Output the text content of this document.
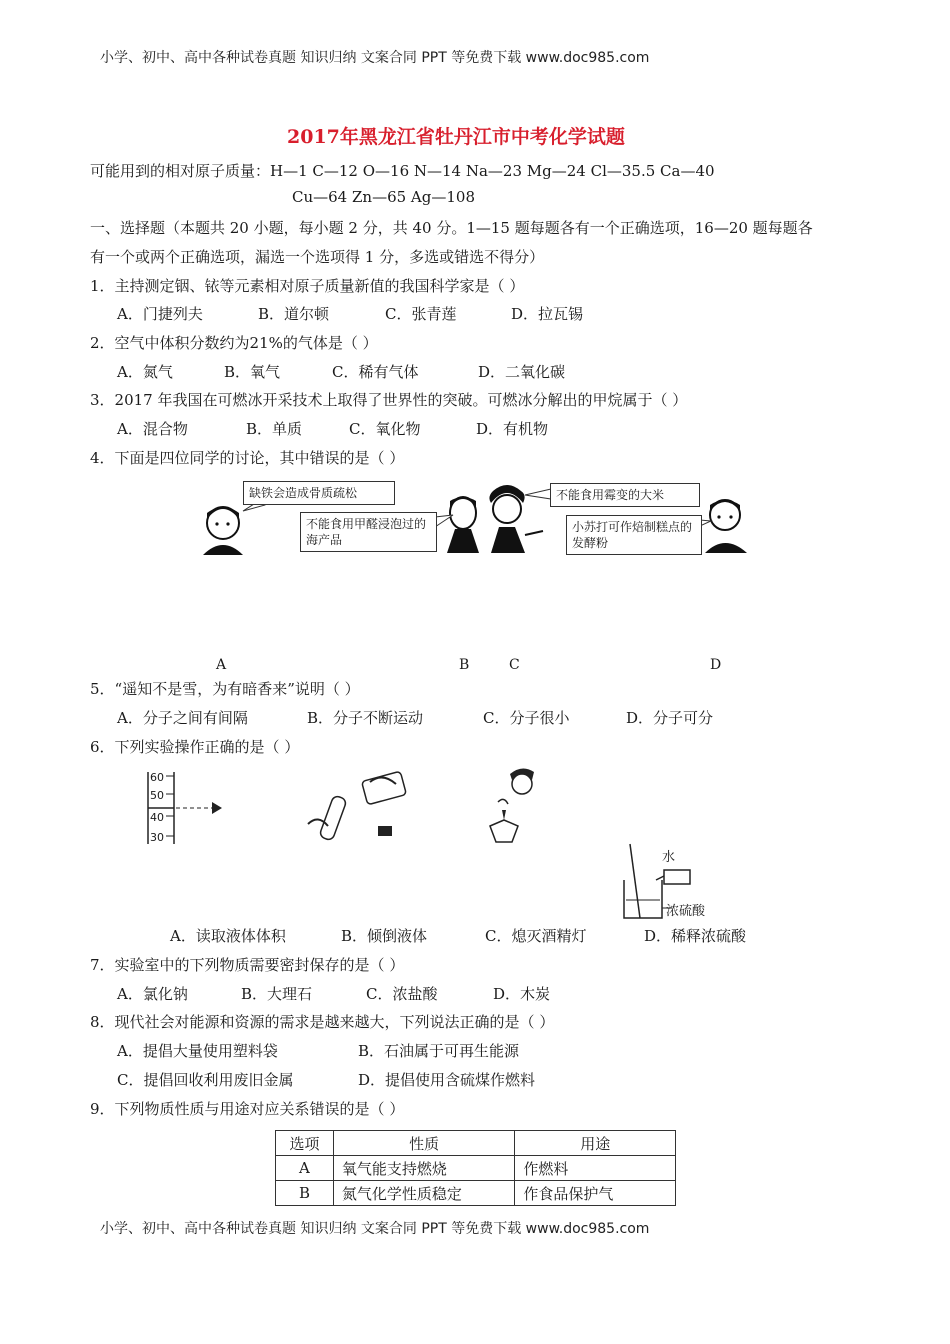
小学、初中、高中各种试卷真题 知识归纳 文案合同 PPT 等免费下载 www.doc985.com
2017年黑龙江省牡丹江市中考化学试题
可能用到的相对原子质量：H—1 C—12 O—16 N—14 Na—23 Mg—24 Cl—35.5 Ca—40
Cu—64 Zn—65 Ag—108
一、选择题（本题共 20 小题，每小题 2 分，共 40 分。1—15 题每题各有一个正确选项，16—20 题每题各
有一个或两个正确选项，漏选一个选项得 1 分，多选或错选不得分）
1．主持测定铟、铱等元素相对原子质量新值的我国科学家是（ ）
A．门捷列夫	B．道尔顿	C．张青莲	D．拉瓦锡
2．空气中体积分数约为21%的气体是（ ）
A．氮气	B．氧气	C．稀有气体	D．二氧化碳
3．2017 年我国在可燃冰开采技术上取得了世界性的突破。可燃冰分解出的甲烷属于（ ）
A．混合物	B．单质	C．氧化物	D．有机物
4．下面是四位同学的讨论，其中错误的是（ ）
缺铁会造成骨质疏松
不能食用甲醛浸泡过的海产品
不能食用霉变的大米
小苏打可作焙制糕点的发酵粉
A	B	C	D
5．“遥知不是雪，为有暗香来”说明（ ）
A．分子之间有间隔	B．分子不断运动	C．分子很小	D．分子可分
6．下列实验操作正确的是（ ）
60
50
40
30
水
浓硫酸
A．读取液体体积	B．倾倒液体	C．熄灭酒精灯	D．稀释浓硫酸
7．实验室中的下列物质需要密封保存的是（ ）
A．氯化钠	B．大理石	C．浓盐酸	D．木炭
8．现代社会对能源和资源的需求是越来越大，下列说法正确的是（ ）
A．提倡大量使用塑料袋	B．石油属于可再生能源
C．提倡回收利用废旧金属	D．提倡使用含硫煤作燃料
9．下列物质性质与用途对应关系错误的是（ ）
选项	性质	用途
A	氧气能支持燃烧	作燃料
B	氮气化学性质稳定	作食品保护气
小学、初中、高中各种试卷真题 知识归纳 文案合同 PPT 等免费下载 www.doc985.com
